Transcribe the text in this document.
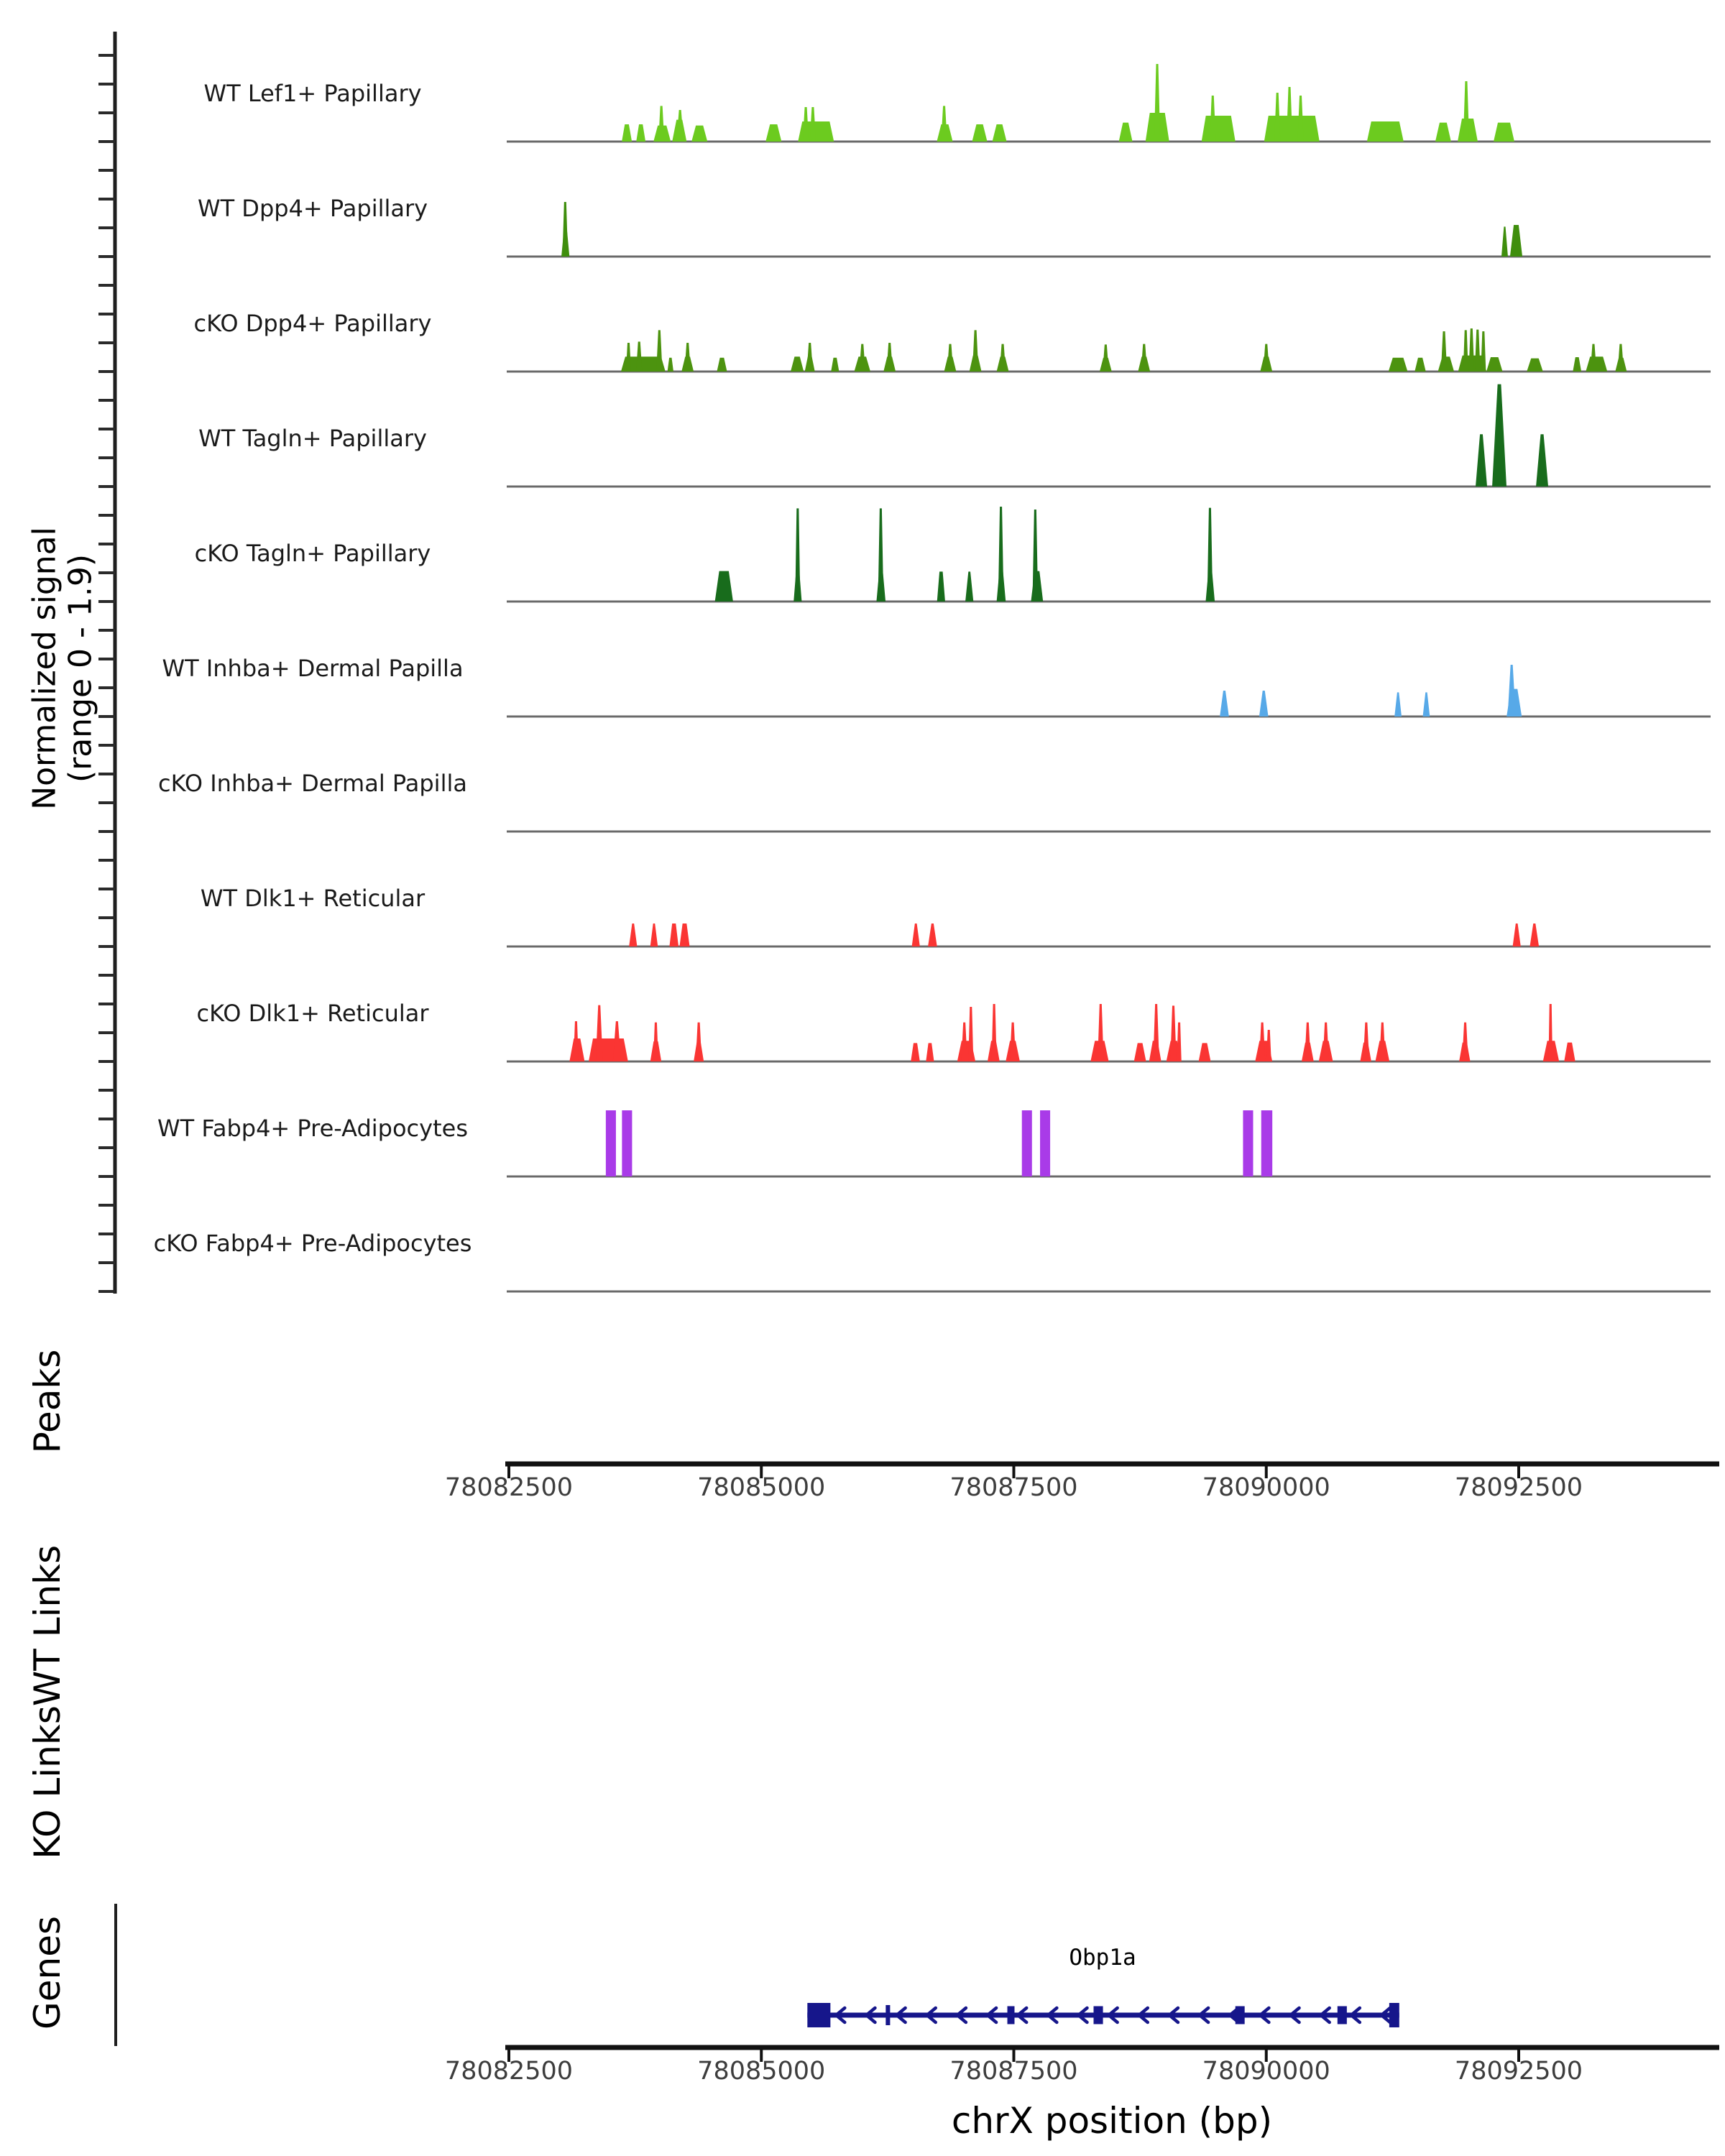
Normalized signal (range 0 - 1.9)
Peaks
WT Links
KO Links
Genes	Obp1a
chrX position (bp)
WT Lef1+ Papillary
WT Dpp4+ Papillary
cKO Dpp4+ Papillary
WT Tagln+ Papillary
cKO Tagln+ Papillary
WT Inhba+ Dermal Papilla
cKO Inhba+ Dermal Papilla
WT Dlk1+ Reticular
cKO Dlk1+ Reticular
WT Fabp4+ Pre-Adipocytes
cKO Fabp4+ Pre-Adipocytes
78082500	78085000	78087500	78090000	78092500
78082500	78085000	78087500	78090000	78092500
